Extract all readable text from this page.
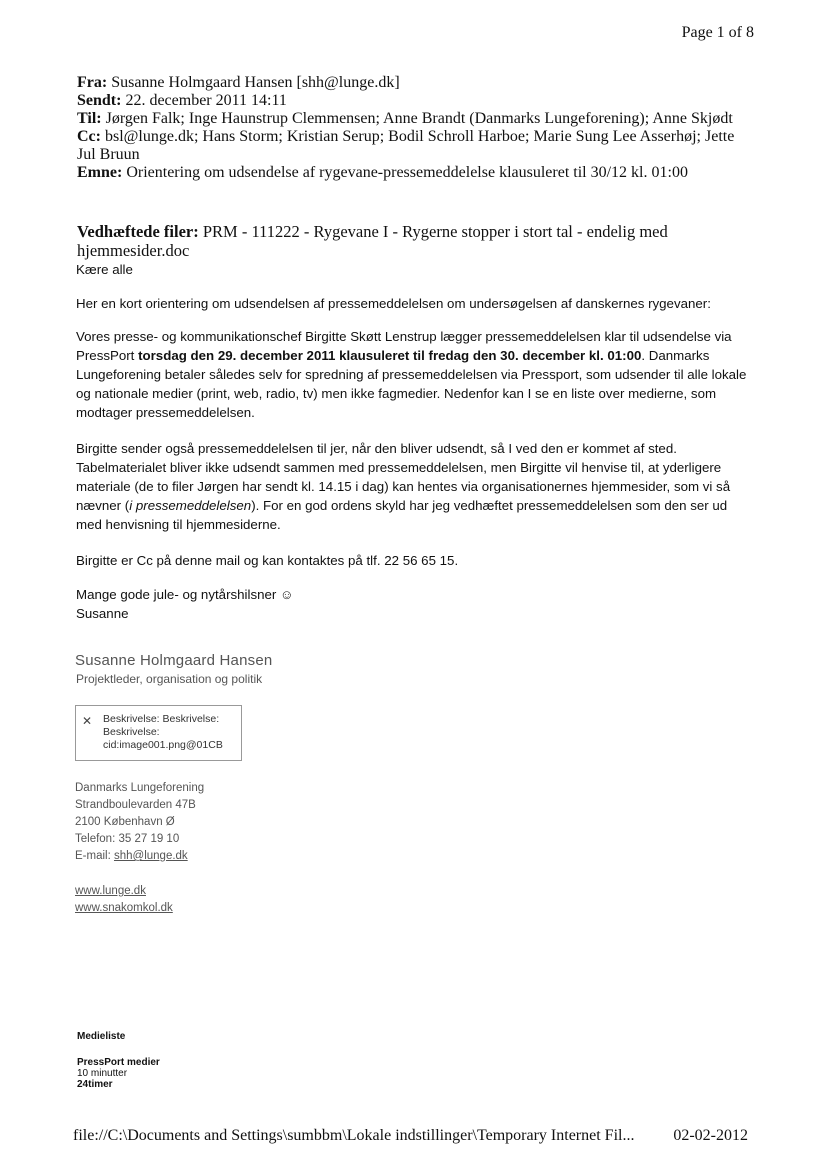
Page 1 of 8

Fra: Susanne Holmgaard Hansen [shh@lunge.dk]

Sendt: 22. december 2011 14:11

Til: Jørgen Falk; Inge Haunstrup Clemmensen; Anne Brandt (Danmarks Lungeforening); Anne Skjødt

Cc: bsl@lunge.dk; Hans Storm; Kristian Serup; Bodil Schroll Harboe; Marie Sung Lee Asserhøj; Jette Jul Bruun

Emne: Orientering om udsendelse af rygevane-pressemeddelelse klausuleret til 30/12 kl. 01:00

Vedhæftede filer: PRM - 111222 - Rygevane I - Rygerne stopper i stort tal - endelig med hjemmesider.doc

Kære alle

Her en kort orientering om udsendelsen af pressemeddelelsen om undersøgelsen af danskernes rygevaner:

Vores presse- og kommunikationschef Birgitte Skøtt Lenstrup lægger pressemeddelelsen klar til udsendelse via PressPort torsdag den 29. december 2011 klausuleret til fredag den 30. december kl. 01:00. Danmarks Lungeforening betaler således selv for spredning af pressemeddelelsen via Pressport, som udsender til alle lokale og nationale medier (print, web, radio, tv) men ikke fagmedier. Nedenfor kan I se en liste over medierne, som modtager pressemeddelelsen.

Birgitte sender også pressemeddelelsen til jer, når den bliver udsendt, så I ved den er kommet af sted. Tabelmaterialet bliver ikke udsendt sammen med pressemeddelelsen, men Birgitte vil henvise til, at yderligere materiale (de to filer Jørgen har sendt kl. 14.15 i dag) kan hentes via organisationernes hjemmesider, som vi så nævner (i pressemeddelelsen). For en god ordens skyld har jeg vedhæftet pressemeddelelsen som den ser ud med henvisning til hjemmesiderne.

Birgitte er Cc på denne mail og kan kontaktes på tlf. 22 56 65 15.

Mange gode jule- og nytårshilsner ☺

Susanne

Susanne Holmgaard Hansen
Projektleder, organisation og politik
✕ Beskrivelse: Beskrivelse: Beskrivelse: cid:image001.png@01CB
Danmarks Lungeforening
Strandboulevarden 47B
2100 København Ø
Telefon: 35 27 19 10
E-mail: shh@lunge.dk
www.lunge.dk
www.snakomkol.dk
Medieliste
PressPort medier
10 minutter
24timer
file://C:\Documents and Settings\sumbbm\Lokale indstillinger\Temporary Internet Fil... 02-02-2012
